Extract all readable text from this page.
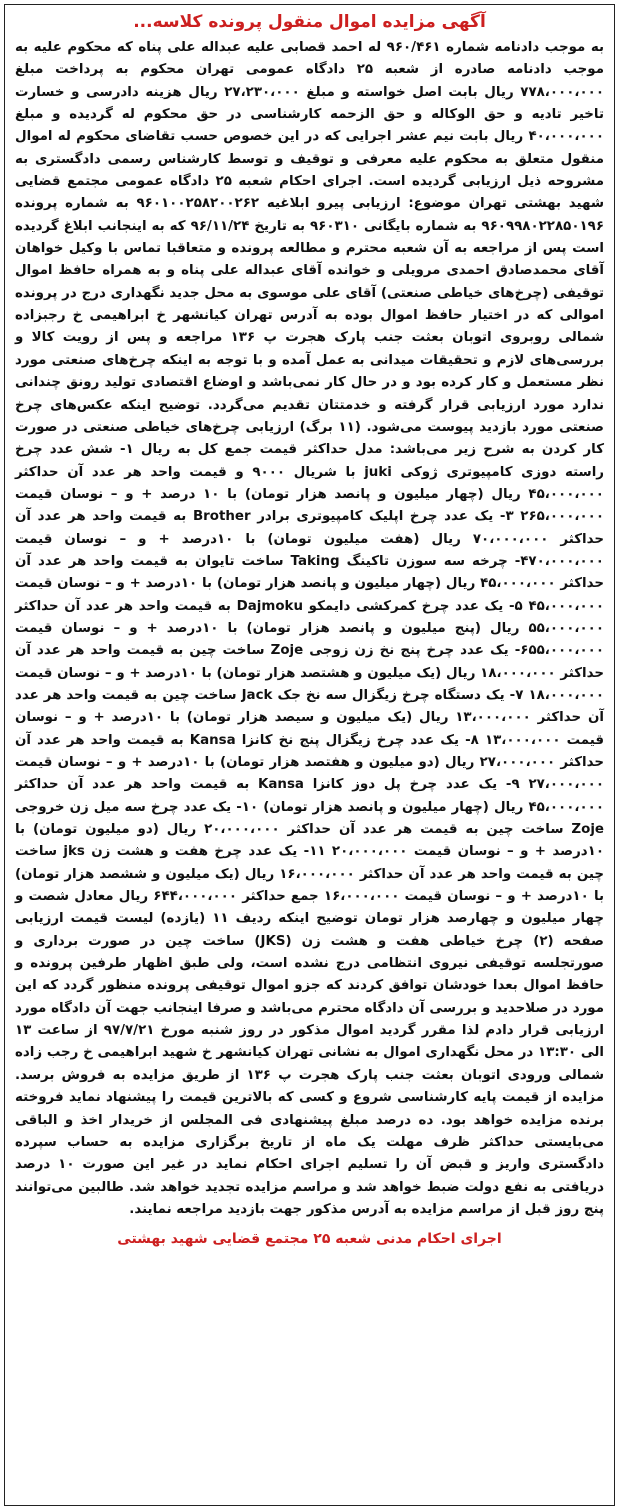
آگهی مزایده اموال منقول پرونده کلاسه...

به موجب دادنامه شماره ۹۶۰/۴۶۱ له احمد قصابی علیه عبداله علی پناه که محکوم علیه به موجب دادنامه صادره از شعبه ۲۵ دادگاه عمومی تهران محکوم به پرداخت مبلغ ۷۷۸،۰۰۰،۰۰۰ ریال بابت اصل خواسته و مبلغ ۲۷،۲۳۰،۰۰۰ ریال هزینه دادرسی و خسارت تاخیر تادیه و حق الوکاله و حق الزحمه کارشناسی در حق محکوم له گردیده و مبلغ ۴۰،۰۰۰،۰۰۰ ریال بابت نیم عشر اجرایی که در این خصوص حسب تقاضای محکوم له اموال منقول متعلق به محکوم علیه معرفی و توقیف و توسط کارشناس رسمی دادگستری به مشروحه ذیل ارزیابی گردیده است. اجرای احکام شعبه ۲۵ دادگاه عمومی مجتمع قضایی شهید بهشتی تهران موضوع: ارزیابی پیرو ابلاغیه ۹۶۰۱۰۰۲۵۸۲۰۰۲۶۲ به شماره پرونده ۹۶۰۹۹۸۰۲۲۸۵۰۱۹۶ به شماره بایگانی ۹۶۰۳۱۰ به تاریخ ۹۶/۱۱/۲۴ که به اینجانب ابلاغ گردیده است پس از مراجعه به آن شعبه محترم و مطالعه پرونده و متعاقبا تماس با وکیل خواهان آقای محمدصادق احمدی مرویلی و خوانده آقای عبداله علی پناه و به همراه حافظ اموال توقیفی (چرخ‌های خیاطی صنعتی) آقای علی موسوی به محل جدید نگهداری درج در پرونده اموالی که در اختیار حافظ اموال بوده به آدرس تهران کیانشهر خ ابراهیمی خ رجبزاده شمالی روبروی اتوبان بعثت جنب پارک هجرت پ ۱۳۶ مراجعه و پس از رویت کالا و بررسی‌های لازم و تحقیقات میدانی به عمل آمده و با توجه به اینکه چرخ‌های صنعتی مورد نظر مستعمل و کار کرده بود و در حال کار نمی‌باشد و اوضاع اقتصادی تولید رونق چندانی ندارد مورد ارزیابی قرار گرفته و خدمتتان تقدیم می‌گردد. توضیح اینکه عکس‌های چرخ صنعتی مورد بازدید پیوست می‌شود. (۱۱ برگ) ارزیابی چرخ‌های خیاطی صنعتی در صورت کار کردن به شرح زیر می‌باشد: مدل حداکثر قیمت جمع کل به ریال ۱- شش عدد چرخ راسته دوزی کامپیوتری ژوکی juki با شریال ۹۰۰۰ و قیمت واحد هر عدد آن حداکثر ۴۵،۰۰۰،۰۰۰ ریال (چهار میلیون و پانصد هزار تومان) با ۱۰ درصد + و – نوسان قیمت ۲۶۵،۰۰۰،۰۰۰ ۳- یک عدد چرخ اپلیک کامپیوتری برادر Brother به قیمت واحد هر عدد آن حداکثر ۷۰،۰۰۰،۰۰۰ ریال (هفت میلیون تومان) با ۱۰درصد + و – نوسان قیمت ۴۷۰،۰۰۰،۰۰۰- چرخه سه سوزن تاکینگ Taking ساخت تایوان به قیمت واحد هر عدد آن حداکثر ۴۵،۰۰۰،۰۰۰ ریال (چهار میلیون و پانصد هزار تومان) با ۱۰درصد + و – نوسان قیمت ۴۵،۰۰۰،۰۰۰ ۵- یک عدد چرخ کمرکشی دایمکو Dajmoku به قیمت واحد هر عدد آن حداکثر ۵۵،۰۰۰،۰۰۰ ریال (پنج میلیون و پانصد هزار تومان) با ۱۰درصد + و – نوسان قیمت ۶۵۵،۰۰۰،۰۰۰- یک عدد چرخ پنج نخ زن زوجی Zoje ساخت چین به قیمت واحد هر عدد آن حداکثر ۱۸،۰۰۰،۰۰۰ ریال (یک میلیون و هشتصد هزار تومان) با ۱۰درصد + و – نوسان قیمت ۱۸،۰۰۰،۰۰۰ ۷- یک دستگاه چرخ زیگزال سه نخ جک Jack ساخت چین به قیمت واحد هر عدد آن حداکثر ۱۳،۰۰۰،۰۰۰ ریال (یک میلیون و سیصد هزار تومان) با ۱۰درصد + و – نوسان قیمت ۱۳،۰۰۰،۰۰۰ ۸- یک عدد چرخ زیگزال پنج نخ کانزا Kansa به قیمت واحد هر عدد آن حداکثر ۲۷،۰۰۰،۰۰۰ ریال (دو میلیون و هفتصد هزار تومان) با ۱۰درصد + و – نوسان قیمت ۲۷،۰۰۰،۰۰۰ ۹- یک عدد چرخ پل دوز کانزا Kansa به قیمت واحد هر عدد آن حداکثر ۴۵،۰۰۰،۰۰۰ ریال (چهار میلیون و پانصد هزار تومان) ۱۰- یک عدد چرخ سه میل زن خروجی Zoje ساخت چین به قیمت هر عدد آن حداکثر ۲۰،۰۰۰،۰۰۰ ریال (دو میلیون تومان) با ۱۰درصد + و – نوسان قیمت ۲۰،۰۰۰،۰۰۰ ۱۱- یک عدد چرخ هفت و هشت زن jks ساخت چین به قیمت واحد هر عدد آن حداکثر ۱۶،۰۰۰،۰۰۰ ریال (یک میلیون و ششصد هزار تومان) با ۱۰درصد + و – نوسان قیمت ۱۶،۰۰۰،۰۰۰ جمع حداکثر ۶۴۴،۰۰۰،۰۰۰ ریال معادل شصت و چهار میلیون و چهارصد هزار تومان توضیح اینکه ردیف ۱۱ (یازده) لیست قیمت ارزیابی صفحه (۲) چرخ خیاطی هفت و هشت زن (JKS) ساخت چین در صورت برداری و صورتجلسه توقیفی نیروی انتظامی درج نشده است، ولی طبق اظهار طرفین پرونده و حافظ اموال بعدا خودشان توافق کردند که جزو اموال توقیفی پرونده منظور گردد که این مورد در صلاحدید و بررسی آن دادگاه محترم می‌باشد و صرفا اینجانب جهت آن دادگاه مورد ارزیابی قرار دادم لذا مقرر گردید اموال مذکور در روز شنبه مورخ ۹۷/۷/۲۱ از ساعت ۱۳ الی ۱۳:۳۰ در محل نگهداری اموال به نشانی تهران کیانشهر خ شهید ابراهیمی خ رجب زاده شمالی ورودی اتوبان بعثت جنب پارک هجرت پ ۱۳۶ از طریق مزایده به فروش برسد. مزایده از قیمت پایه کارشناسی شروع و کسی که بالاترین قیمت را پیشنهاد نماید فروخته برنده مزایده خواهد بود. ده درصد مبلغ پیشنهادی فی المجلس از خریدار اخذ و الباقی می‌بایستی حداکثر ظرف مهلت یک ماه از تاریخ برگزاری مزایده به حساب سپرده دادگستری واریز و قبض آن را تسلیم اجرای احکام نماید در غیر این صورت ۱۰ درصد دریافتی به نفع دولت ضبط خواهد شد و مراسم مزایده تجدید خواهد شد. طالبین می‌توانند پنج روز قبل از مراسم مزایده به آدرس مذکور جهت بازدید مراجعه نمایند.

اجرای احکام مدنی شعبه ۲۵ مجتمع قضایی شهید بهشتی
